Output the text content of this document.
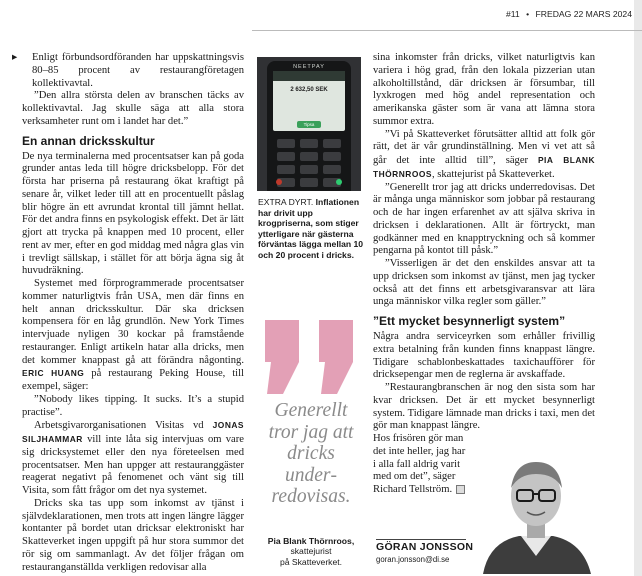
#11 • FREDAG 22 MARS 2024

▸ Enligt förbundsordföranden har uppskattningsvis 80–85 procent av restaurangföretagen kollektivavtal.

”Den allra största delen av branschen täcks av kollektivavtal. Jag skulle säga att alla stora verksamheter runt om i landet har det.”

En annan dricksskultur

De nya terminalerna med procentsatser kan på goda grunder antas leda till högre dricksbelopp. För det första har priserna på restaurang ökat kraftigt på senare år, vilket leder till att en procentuellt påslag blir högre än ett avrundat krontal till jämnt hellat. För det andra finns en psykologisk effekt. Det är lätt gjort att trycka på knappen med 10 procent, eller rent av mer, efter en god middag med några glas vin i trevligt sällskap, i stället för att börja ägna sig åt huvudräkning.

Systemet med förprogrammerade procentsatser kommer naturligtvis från USA, men där finns en helt annan dricksskultur. Där ska dricksen kompensera för en låg grundlön. New York Times intervjuade nyligen 30 kockar på framstående restauranger. Enligt artikeln hatar alla dricks, men det kommer knappast gå att förändra någonting. ERIC HUANG på restaurang Peking House, till exempel, säger:

”Nobody likes tipping. It sucks. It’s a stupid practise”.

Arbetsgivarorganisationen Visitas vd JONAS SILJHAMMAR vill inte låta sig intervjuas om vare sig dricksystemet eller den nya företeelsen med procentsatser. Men han uppger att restauranggäster reagerat negativt på fenomenet och vänt sig till Visita, som fått frågor om det nya systemet.

Dricks ska tas upp som inkomst av tjänst i självdeklarationen, men trots att ingen längre lägger kontanter på bordet utan dricksar elektroniskt har Skatteverket ingen uppgift på hur stora summor det rör sig om sammanlagt. Av det följer frågan om restauranganställda verkligen redovisar alla

NEETPAY
2 632,50 SEK
Tipsa
EXTRA DYRT. Inflationen har drivit upp krogpriserna, som stiger ytterligare när gästerna förväntas lägga mellan 10 och 20 procent i dricks.
Generellt tror jag att dricks underredovisas.
Pia Blank Thörnroos,
skattejurist
på Skatteverket.

sina inkomster från dricks, vilket naturligtvis kan variera i hög grad, från den lokala pizzerian utan alkoholtillstånd, där dricksen är försumbar, till lyxkrogen med hög andel representation och amerikanska gäster som är vana att lämna stora summor extra.

”Vi på Skatteverket förutsätter alltid att folk gör rätt, det är vår grundinställning. Men vi vet att så går det inte alltid till”, säger PIA BLANK THÖRNROOS, skattejurist på Skatteverket.

”Generellt tror jag att dricks underredovisas. Det är många unga människor som jobbar på restaurang och de har ingen erfarenhet av att själva skriva in dricksen i deklarationen. Allt är förtryckt, man godkänner med en knapptryckning och så kommer pengarna på kontot till påsk.”

”Visserligen är det den enskildes ansvar att ta upp dricksen som inkomst av tjänst, men jag tycker också att det finns ett arbetsgivaransvar att lära unga människor vilka regler som gäller.”

”Ett mycket besynnerligt system”

Några andra serviceyrken som erhåller frivillig extra betalning från kunden finns knappast längre. Tidigare schablonbeskattades taxichaufförer för dricksepengar men de reglerna är avskaffade.

”Restaurangbranschen är nog den sista som har kvar dricksen. Det är ett mycket besynnerligt system. Tidigare lämnade man dricks i taxi, men det gör man knappast längre.

Hos frisören gör man
det inte heller, jag har
i alla fall aldrig varit
med om det”, säger
Richard Tellström.
GÖRAN JONSSON
goran.jonsson@di.se
